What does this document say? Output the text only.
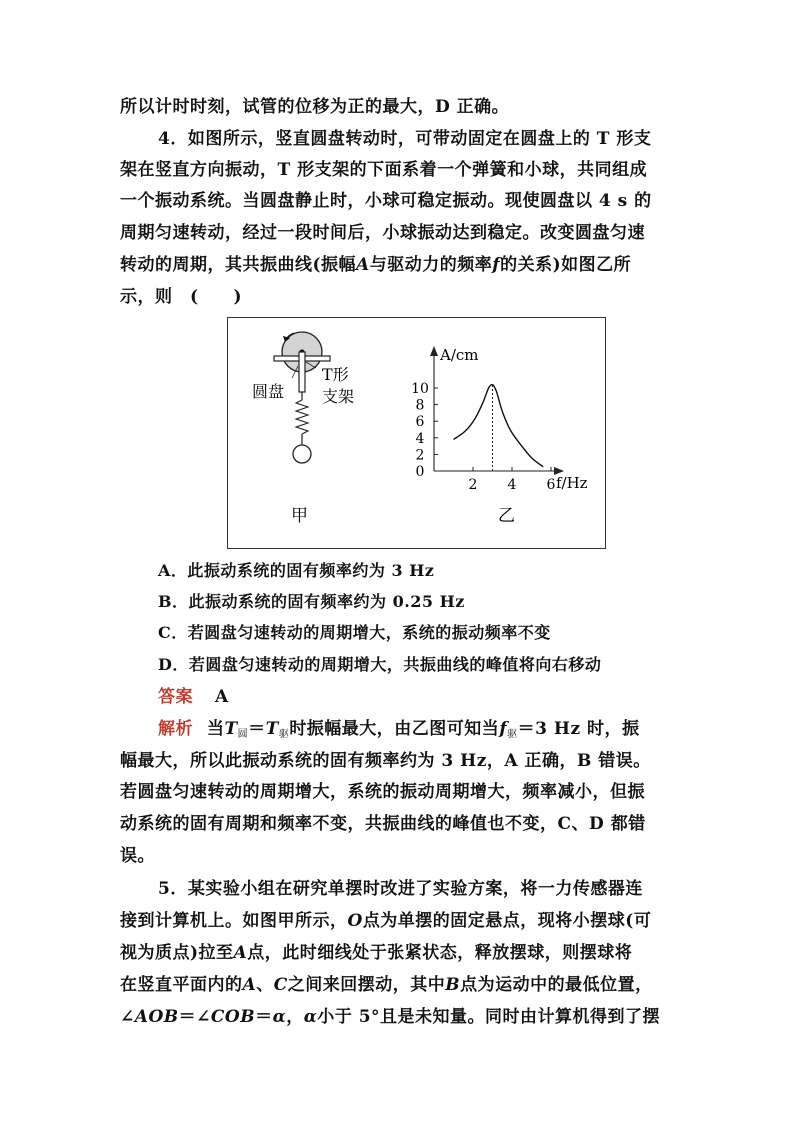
所以计时时刻，试管的位移为正的最大，D 正确。
4．如图所示，竖直圆盘转动时，可带动固定在圆盘上的 T 形支
架在竖直方向振动，T 形支架的下面系着一个弹簧和小球，共同组成
一个振动系统。当圆盘静止时，小球可稳定振动。现使圆盘以 4 s 的
周期匀速转动，经过一段时间后，小球振动达到稳定。改变圆盘匀速
转动的周期，其共振曲线(振幅A与驱动力的频率f的关系)如图乙所
示，则　(　　)
圆盘
T形
支架
甲
A/cm
f/Hz
乙
0
2
4
6
8
10
2 4 6
A．此振动系统的固有频率约为 3 Hz
B．此振动系统的固有频率约为 0.25 Hz
C．若圆盘匀速转动的周期增大，系统的振动频率不变
D．若圆盘匀速转动的周期增大，共振曲线的峰值将向右移动
答案 A
解析 当$T_圆=T_驱$时振幅最大，由乙图可知当$f_驱=3$ Hz 时，振
幅最大，所以此振动系统的固有频率约为 3 Hz，A 正确，B 错误。
若圆盘匀速转动的周期增大，系统的振动周期增大，频率减小，但振
动系统的固有周期和频率不变，共振曲线的峰值也不变，C、D 都错
误。
5．某实验小组在研究单摆时改进了实验方案，将一力传感器连
接到计算机上。如图甲所示，O点为单摆的固定悬点，现将小摆球(可
视为质点)拉至A点，此时细线处于张紧状态，释放摆球，则摆球将
在竖直平面内的A、C之间来回摆动，其中B点为运动中的最低位置，
∠AOB＝∠COB＝α，α小于 5°且是未知量。同时由计算机得到了摆
